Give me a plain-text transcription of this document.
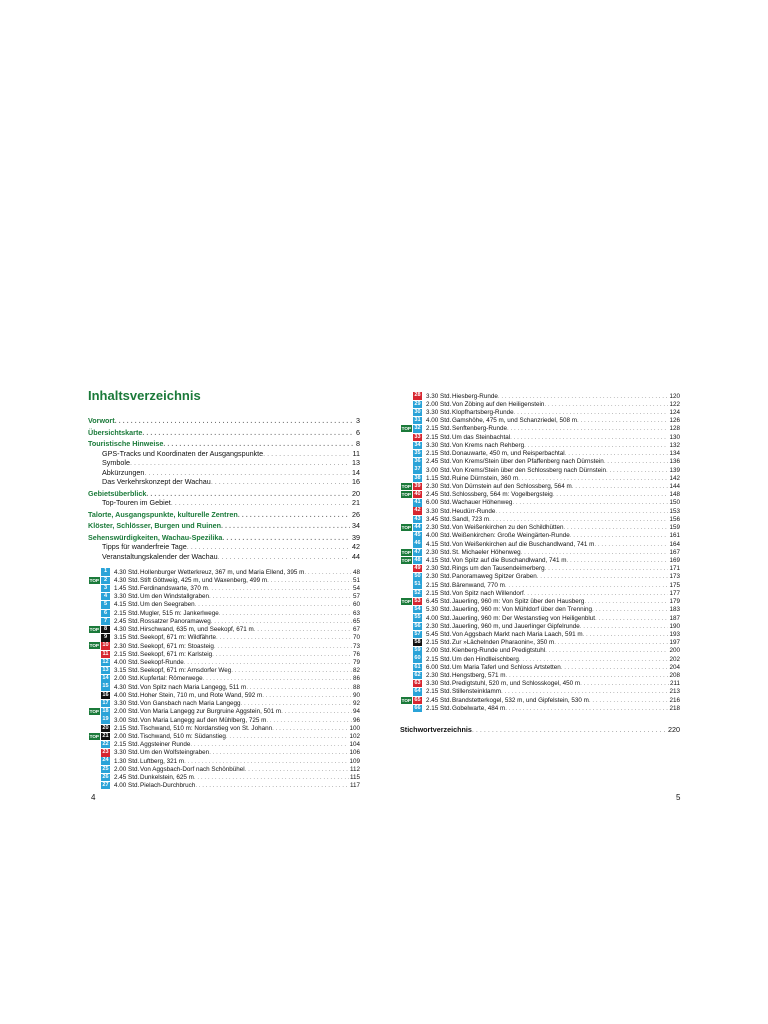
Inhaltsverzeichnis
Vorwort . . .	3
Übersichtskarte . . .	6
Touristische Hinweise . . .	8
GPS-Tracks und Koordinaten der Ausgangspunkte . . .	11
Symbole . . .	13
Abkürzungen . . .	14
Das Verkehrskonzept der Wachau . . .	16
Gebietsüberblick . . .	20
Top-Touren im Gebiet . . .	21
Talorte, Ausgangspunkte, kulturelle Zentren . . .	26
Klöster, Schlösser, Burgen und Ruinen . . .	34
Sehenswürdigkeiten, Wachau-Spezilika . . .	39
Tipps für wanderfreie Tage . . .	42
Veranstaltungskalender der Wachau . . .	44
1	4.30 Std. Hollenburger Wetterkreuz, 367 m, und Maria Ellend, 395 m . . .	48
TOP 2	4.30 Std. Stift Göttweig, 425 m, und Waxenberg, 499 m . . .	51
3	1.45 Std. Ferdinandswarte, 370 m . . .	54
4	3.30 Std. Um den Windstallgraben . . .	57
5	4.15 Std. Um den Seegraben . . .	60
6	2.15 Std. Mugler, 515 m: Jankerlwege . . .	63
7	2.45 Std. Rossatzer Panoramaweg . . .	65
TOP 8	4.30 Std. Hirschwand, 635 m, und Seekopf, 671 m . . .	67
9	3.15 Std. Seekopf, 671 m: Wildfährte . . .	70
TOP 10 2.30 Std. Seekopf, 671 m: Stoasteig . . .	73
11 2.15 Std. Seekopf, 671 m: Karlsteig . . .	76
12 4.00 Std. Seekopf-Runde . . .	79
13 3.15 Std. Seekopf, 671 m: Arnsdorfer Weg . . .	82
14 2.00 Std. Kupfertal: Römerwege . . .	86
15 4.30 Std. Von Spitz nach Maria Langegg, 511 m . . .	88
16 4.00 Std. Hoher Stein, 710 m, und Rote Wand, 592 m . . .	90
17 3.30 Std. Von Gansbach nach Maria Langegg . . .	92
TOP 18 2.00 Std. Von Maria Langegg zur Burgruine Aggstein, 501 m . . .	94
19 3.00 Std. Von Maria Langegg auf den Mühlberg, 725 m . . .	96
20 2.15 Std. Tischwand, 510 m: Nordanstieg von St. Johann . . .	100
TOP 21 2.00 Std. Tischwand, 510 m: Südanstieg . . .	102
22 2.15 Std. Aggsteiner Runde . . .	104
23 3.30 Std. Um den Wolfsteingraben . . .	106
24 1.30 Std. Luftberg, 321 m . . .	109
25 2.00 Std. Von Aggsbach-Dorf nach Schönbühel . . .	112
26 2.45 Std. Dunkelstein, 625 m . . .	115
27 4.00 Std. Pielach-Durchbruch . . .	117
28 3.30 Std. Hiesberg-Runde . . .	120
29 2.00 Std. Von Zöbing auf den Heiligenstein . . .	122
30 3.30 Std. Klopfhartsberg-Runde . . .	124
31 4.00 Std. Gamshöhe, 475 m, und Schanzriedel, 508 m . . .	126
TOP 32 2.15 Std. Senftenberg-Runde . . .	128
33 2.15 Std. Um das Steinbachtal . . .	130
34 3.30 Std. Von Krems nach Rehberg . . .	132
35 2.15 Std. Donauwarte, 450 m, und Reisperbachtal . . .	134
36 2.45 Std. Von Krems/Stein über den Pfaffenberg nach Dürnstein . . .	136
37 3.00 Std. Von Krems/Stein über den Schlossberg nach Dürnstein . . .	139
38 1.15 Std. Ruine Dürnstein, 360 m . . .	142
TOP 39 2.30 Std. Von Dürnstein auf den Schlossberg, 564 m . . .	144
TOP 40 2.45 Std. Schlossberg, 564 m: Vogelbergsteig . . .	148
41 6.00 Std. Wachauer Höhenweg . . .	150
42 3.30 Std. Heudürr-Runde . . .	153
43 3.45 Std. Sandl, 723 m . . .	156
TOP 44 2.30 Std. Von Weißenkirchen zu den Schildhütten . . .	159
45 4.00 Std. Weißenkirchen: Große Weingärten-Runde . . .	161
46 4.15 Std. Von Weißenkirchen auf die Buschandlwand, 741 m . . .	164
TOP 47 2.30 Std. St. Michaeler Höhenweg . . .	167
TOP 48 4.15 Std. Von Spitz auf die Buschandlwand, 741 m . . .	169
49 2.30 Std. Rings um den Tausendeimerberg . . .	171
50 2.30 Std. Panoramaweg Spitzer Graben . . .	173
51 2.15 Std. Bärenwand, 770 m . . .	175
52 2.15 Std. Von Spitz nach Willendorf . . .	177
TOP 53 6.45 Std. Jauerling, 960 m: Von Spitz über den Hausberg . . .	179
54 5.30 Std. Jauerling, 960 m: Von Mühldorf über den Trenning . . .	183
55 4.00 Std. Jauerling, 960 m: Der Westanstieg von Heiligenblut . . .	187
56 2.30 Std. Jauerling, 960 m, und Jauerlinger Gipfelrunde . . .	190
57 5.45 Std. Von Aggsbach Markt nach Maria Laach, 591 m . . .	193
58 2.15 Std. Zur »Lächelnden Pharaonin«, 350 m . . .	197
59 2.00 Std. Kienberg-Runde und Predigtstuhl . . .	200
60 2.15 Std. Um den Hindlleischberg . . .	202
61 6.00 Std. Um Maria Taferl und Schloss Artstetten . . .	204
62 2.30 Std. Hengstberg, 571 m . . .	208
63 3.30 Std. Predigtstuhl, 520 m, und Schlosskogel, 450 m . . .	211
64 2.15 Std. Stillensteinklamm . . .	213
TOP 65 2.45 Std. Brandstetterkogel, 532 m, und Gipfelstein, 530 m . . .	216
66 2.15 Std. Gobelwarte, 484 m . . .	218
Stichwortverzeichnis . . .	220
4	5
